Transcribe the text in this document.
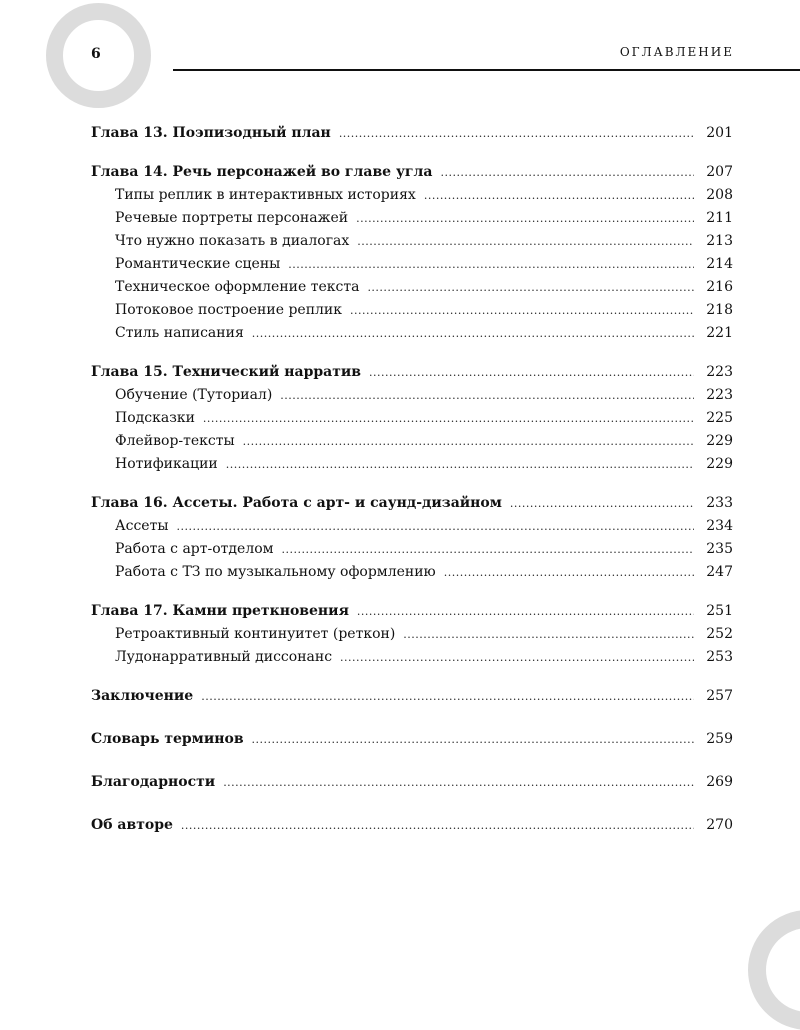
6	ОГЛАВЛЕНИЕ
Глава 13. Поэпизодный план .....	201
Глава 14. Речь персонажей во главе угла .....	207
Типы реплик в интерактивных историях .....	208
Речевые портреты персонажей .....	211
Что нужно показать в диалогах .....	213
Романтические сцены .....	214
Техническое оформление текста .....	216
Потоковое построение реплик .....	218
Стиль написания .....	221
Глава 15. Технический нарратив .....	223
Обучение (Туториал) .....	223
Подсказки .....	225
Флейвор-тексты .....	229
Нотификации .....	229
Глава 16. Ассеты. Работа с арт- и саунд-дизайном .....	233
Ассеты .....	234
Работа с арт-отделом .....	235
Работа с ТЗ по музыкальному оформлению .....	247
Глава 17. Камни преткновения .....	251
Ретроактивный континуитет (реткон) .....	252
Лудонарративный диссонанс .....	253
Заключение .....	257
Словарь терминов .....	259
Благодарности .....	269
Об авторе .....	270
